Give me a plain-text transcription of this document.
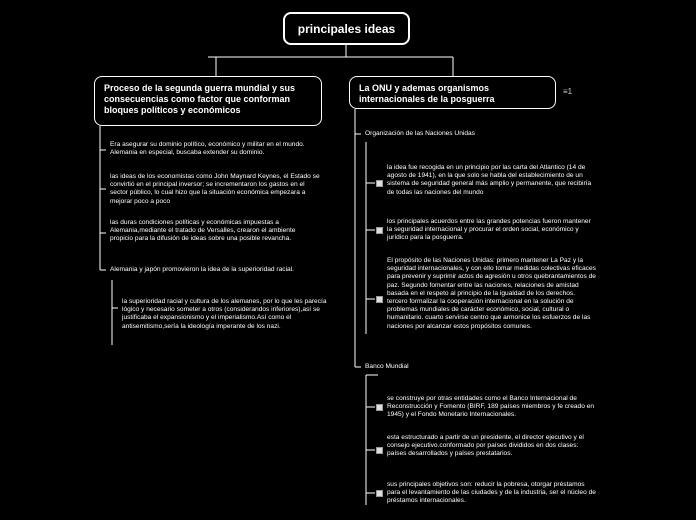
principales ideas
Proceso de la segunda guerra mundial y sus consecuencias como factor que conforman bloques políticos y económicos
La ONU y ademas organismos internacionales de la posguerra
≡1
Era asegurar su dominio político, económico y militar en el mundo. Alemania en especial, buscaba extender su dominio.
las ideas de los economistas como John Maynard Keynes, el Estado se convirtió en el principal inversor; se incrementaron los gastos en el sector público, lo cual hizo que la situación económica empezara a mejorar poco a poco
las duras condiciones políticas y económicas impuestas a Alemania,mediante el tratado de Versalles, crearon el ambiente propicio para la difusión de ideas sobre una posible revancha.
Alemania y japón promovieron la idea de la superioridad racial.
la superioridad racial y cultura de los alemanes, por lo que les parecía lógico y necesario someter a otros (considerandos inferiores),así se justificaba el expansionismo y el imperialismo.Así como el antisemitismo,sería la ideología imperante de los nazi.
Organización de las Naciones Unidas
la idea fue recogida en un principio por las carta del Atlantico (14 de agosto de 1941), en la que solo se habla del establecimiento de un sistema de seguridad general más amplio y permanente, que recibiría de todas las naciones del mundo
los principales acuerdos entre las grandes potencias fueron mantener la seguridad internacional y procurar el orden social, económico y jurídico para la posguerra.
El propósito de las Naciones Unidas: primero mantener La Paz y la seguridad internacionales, y con ello tomar medidas colectivas eficaces para prevenir y suprimir actos de agresión u otros quebrantamientos de paz. Segundo fomentar entre las naciones, relaciones de amistad basada en el respeto al principio de la igualdad de los derechos. tercero formalizar la cooperación internacional en la solución de problemas mundiales de carácter económico, social, cultural o humanitario. cuarto servirse centro que armonice los esfuerzos de las naciones por alcanzar estos propósitos comunes.
Banco Mundial
se construye por otras entidades como el Banco Internacional de Reconstrucción y Fomento (BIRF, 189 países miembros y fe creado en 1945) y el Fondo Monetario Internacionales.
esta estructurado a partir de un presidente, el director ejecutivo y el consejo ejecutivo.conformado por países divididos en dos clases: países desarrollados y países prestatarios.
sus principales objetivos son: reducir la pobresa, otorgar préstamos para el levantamiento de las ciudades y de la industria, ser el núcleo de préstamos internacionales.
